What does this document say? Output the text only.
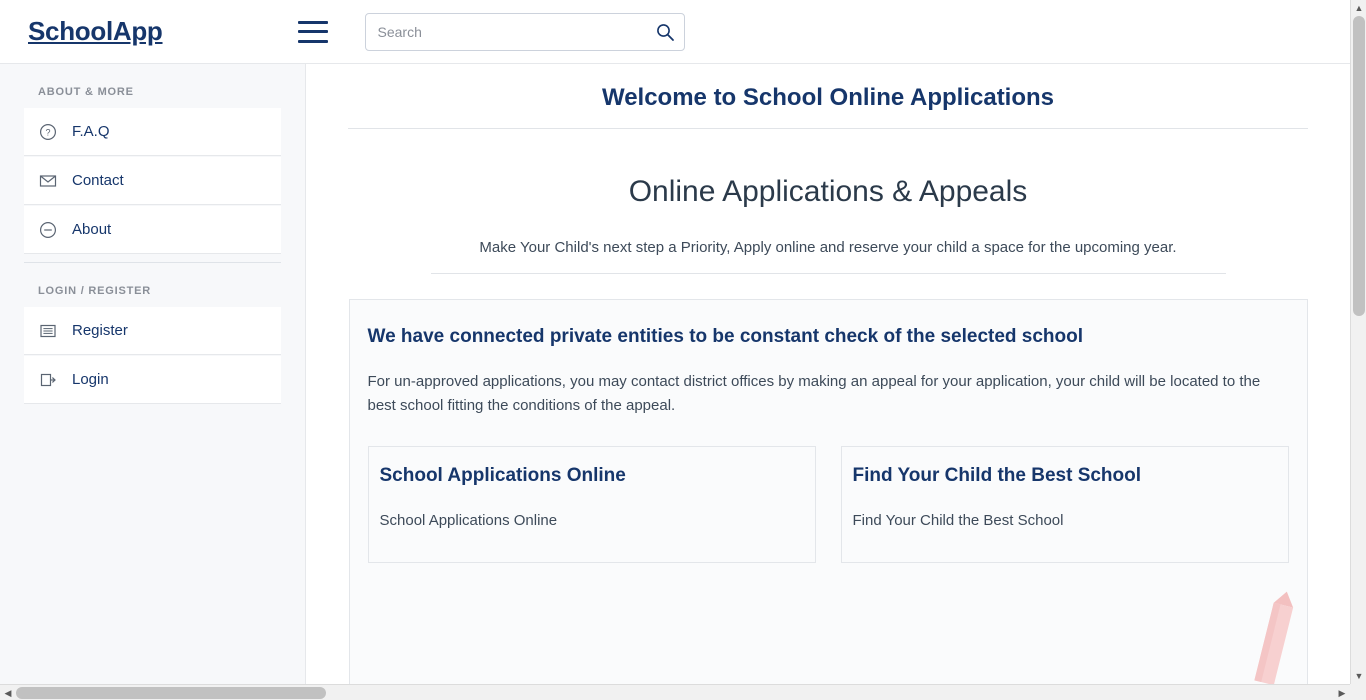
SchoolApp
Search
ABOUT & MORE
? F.A.Q
Contact
About
LOGIN / REGISTER
Register
Login
Welcome to School Online Applications
Online Applications & Appeals
Make Your Child's next step a Priority, Apply online and reserve your child a space for the upcoming year.
We have connected private entities to be constant check of the selected school
For un-approved applications, you may contact district offices by making an appeal for your application, your child will be located to the best school fitting the conditions of the appeal.
School Applications Online
School Applications Online
Find Your Child the Best School
Find Your Child the Best School
▲
▼
◀	▶
